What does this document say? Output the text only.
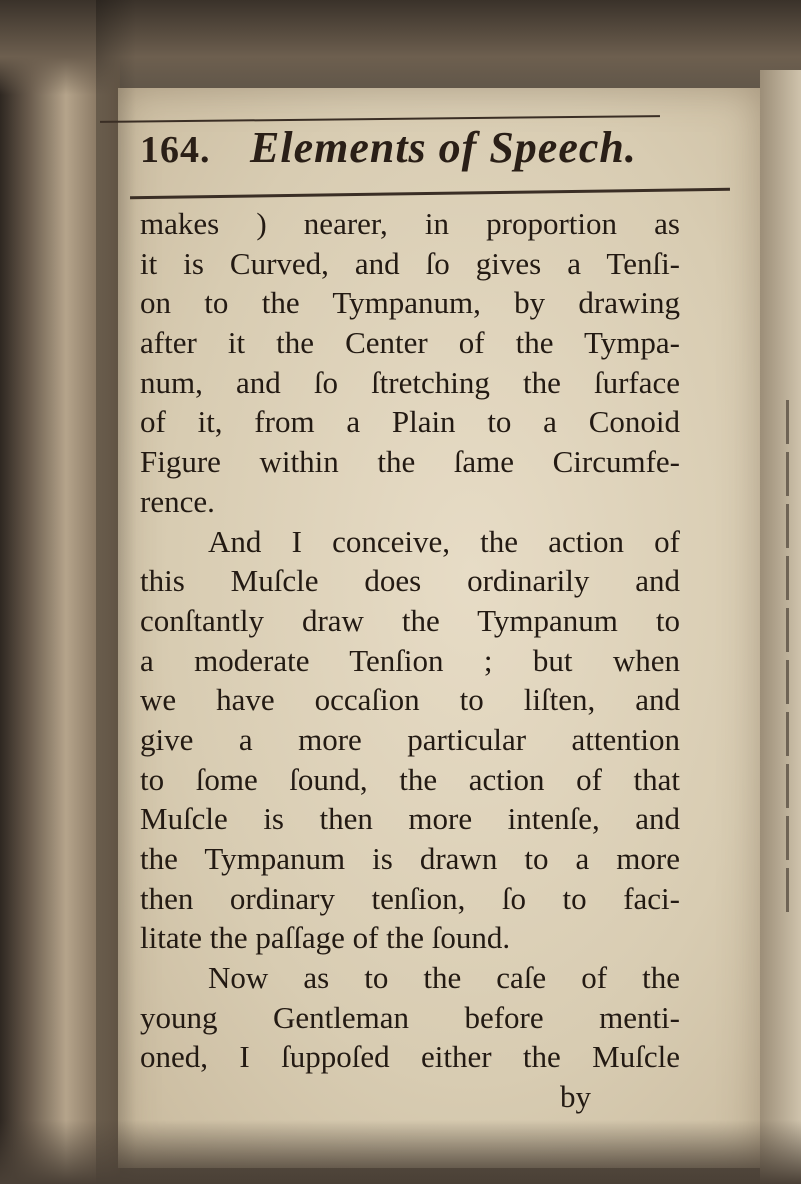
164. Elements of Speech.
makes ) nearer, in proportion as
it is Curved, and ſo gives a Tenſi-
on to the Tympanum, by drawing
after it the Center of the Tympa-
num, and ſo ſtretching the ſurface
of it, from a Plain to a Conoid
Figure within the ſame Circumfe-
rence.
And I conceive, the action of
this Muſcle does ordinarily and
conſtantly draw the Tympanum to
a moderate Tenſion ; but when
we have occaſion to liſten, and
give a more particular attention
to ſome ſound, the action of that
Muſcle is then more intenſe, and
the Tympanum is drawn to a more
then ordinary tenſion, ſo to faci-
litate the paſſage of the ſound.
Now as to the caſe of the
young Gentleman before menti-
oned, I ſuppoſed either the Muſcle
by
